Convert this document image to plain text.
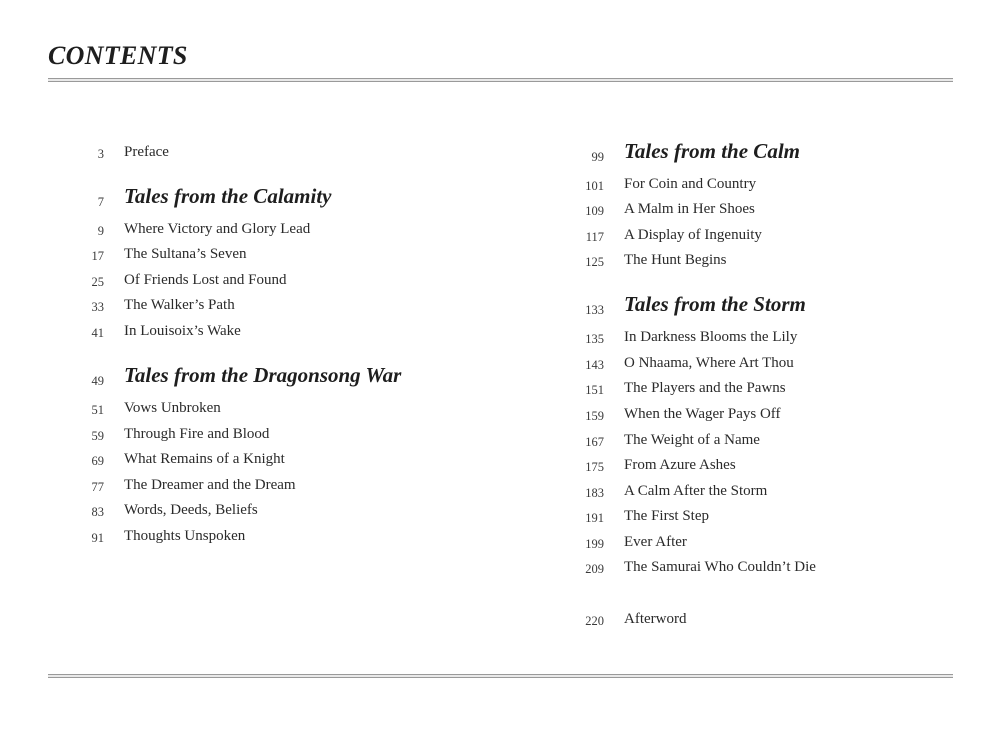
CONTENTS
3 Preface
7 Tales from the Calamity
9 Where Victory and Glory Lead
17 The Sultana’s Seven
25 Of Friends Lost and Found
33 The Walker’s Path
41 In Louisoix’s Wake
49 Tales from the Dragonsong War
51 Vows Unbroken
59 Through Fire and Blood
69 What Remains of a Knight
77 The Dreamer and the Dream
83 Words, Deeds, Beliefs
91 Thoughts Unspoken
99 Tales from the Calm
101 For Coin and Country
109 A Malm in Her Shoes
117 A Display of Ingenuity
125 The Hunt Begins
133 Tales from the Storm
135 In Darkness Blooms the Lily
143 O Nhaama, Where Art Thou
151 The Players and the Pawns
159 When the Wager Pays Off
167 The Weight of a Name
175 From Azure Ashes
183 A Calm After the Storm
191 The First Step
199 Ever After
209 The Samurai Who Couldn’t Die
220 Afterword
